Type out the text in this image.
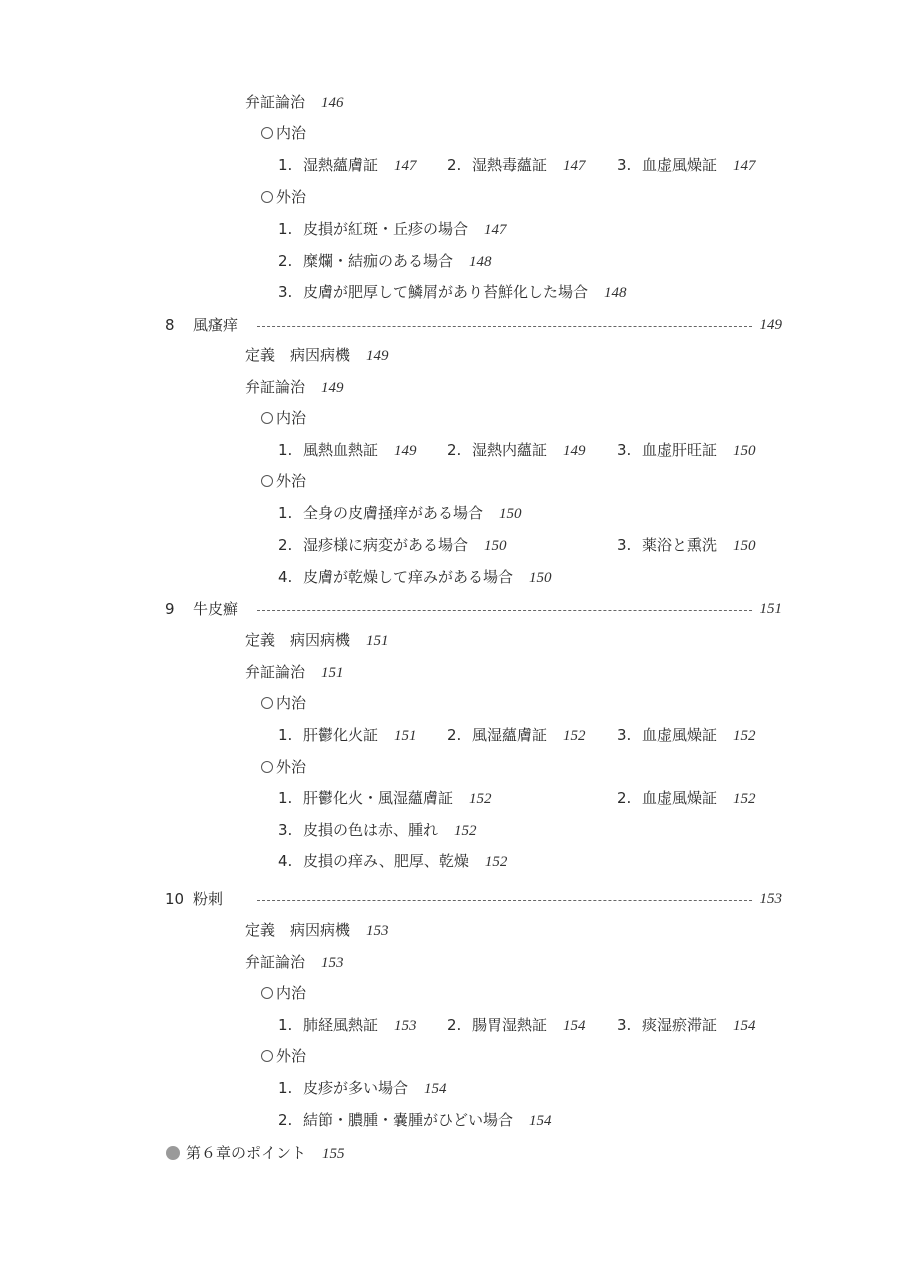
弁証論治 146
内治
1. 湿熱蘊膚証 147 2. 湿熱毒蘊証 147 3. 血虚風燥証 147
外治
1. 皮損が紅斑・丘疹の場合 147
2. 糜爛・結痂のある場合 148
3. 皮膚が肥厚して鱗屑があり苔鮮化した場合 148
8 風瘙痒	149
定義　病因病機 149
弁証論治 149
内治
1. 風熱血熱証 149 2. 湿熱内蘊証 149 3. 血虚肝旺証 150
外治
1. 全身の皮膚掻痒がある場合 150
2. 湿疹様に病変がある場合 150	3. 薬浴と熏洗 150
4. 皮膚が乾燥して痒みがある場合 150
9 牛皮癬	151
定義　病因病機 151
弁証論治 151
内治
1. 肝鬱化火証 151 2. 風湿蘊膚証 152 3. 血虚風燥証 152
外治
1. 肝鬱化火・風湿蘊膚証 152	2. 血虚風燥証 152
3. 皮損の色は赤、腫れ 152
4. 皮損の痒み、肥厚、乾燥 152
10 粉刺	153
定義　病因病機 153
弁証論治 153
内治
1. 肺経風熱証 153 2. 腸胃湿熱証 154 3. 痰湿瘀滞証 154
外治
1. 皮疹が多い場合 154
2. 結節・膿腫・嚢腫がひどい場合 154
第６章のポイント 155
